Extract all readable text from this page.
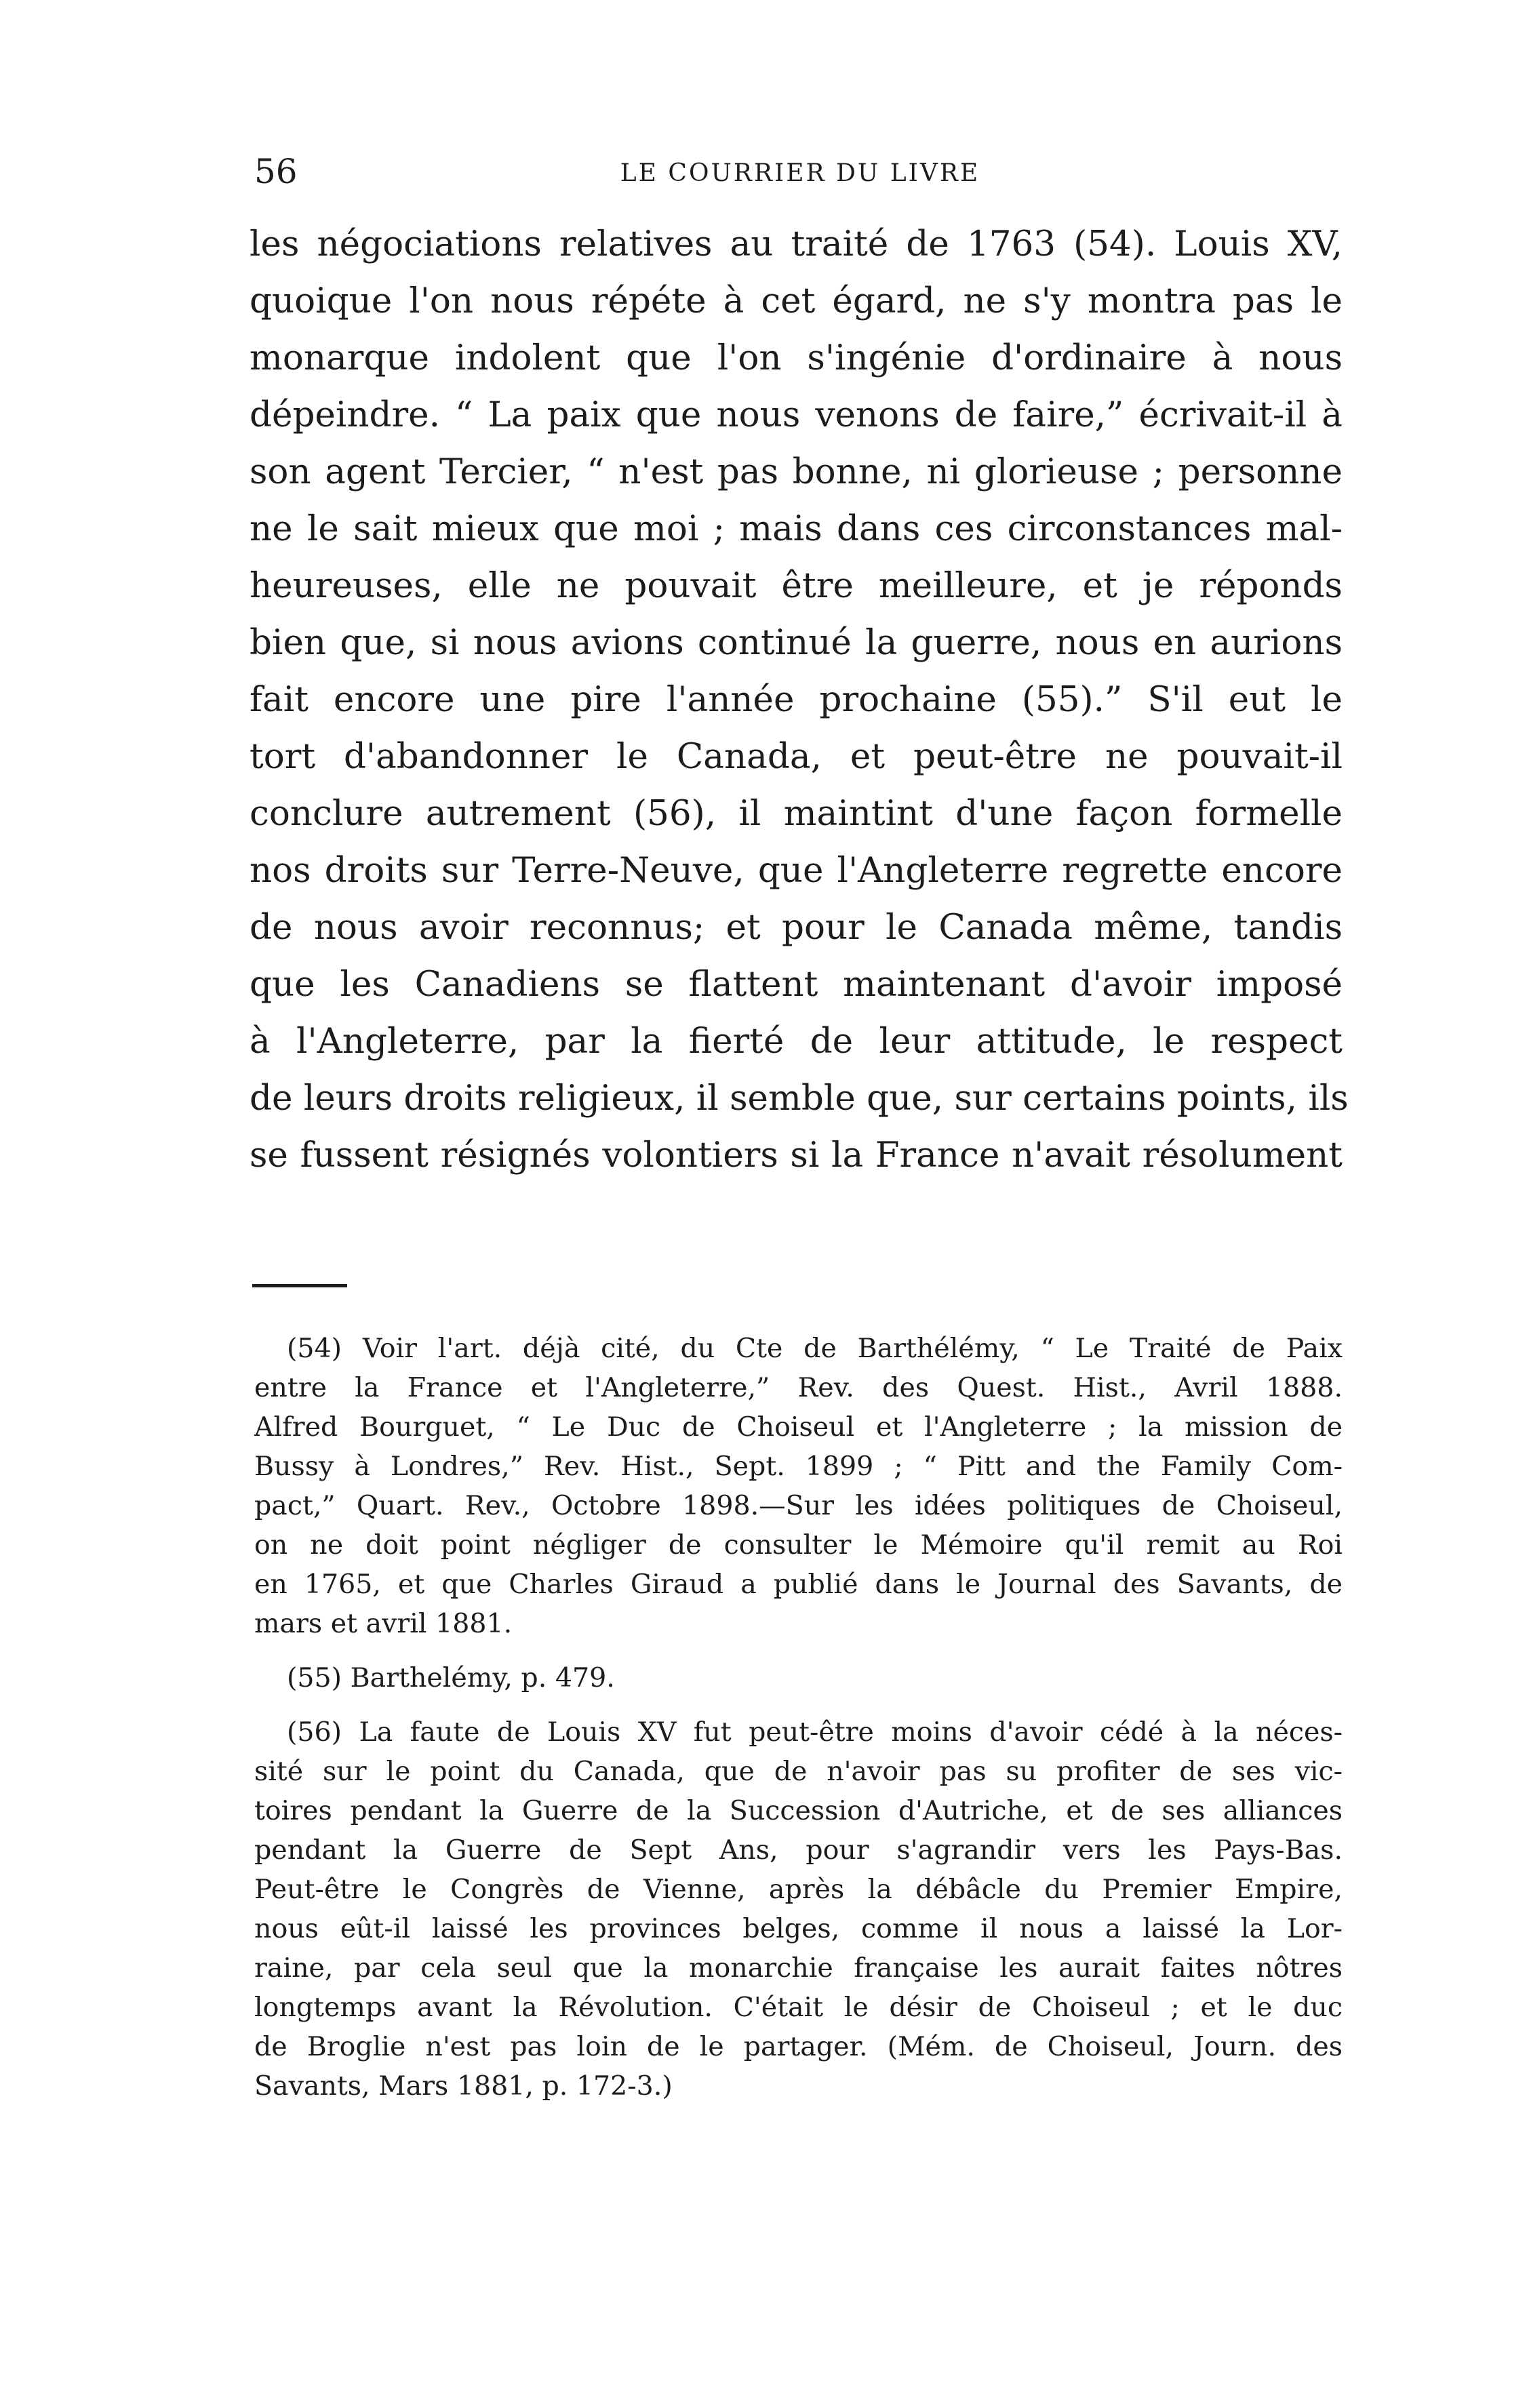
56	LE COURRIER DU LIVRE
les négociations relatives au traité de 1763 (54). Louis XV,
quoique l'on nous répéte à cet égard, ne s'y montra pas le
monarque indolent que l'on s'ingénie d'ordinaire à nous
dépeindre. “ La paix que nous venons de faire,” écrivait-il à
son agent Tercier, “ n'est pas bonne, ni glorieuse ; personne
ne le sait mieux que moi ; mais dans ces circonstances mal-
heureuses, elle ne pouvait être meilleure, et je réponds
bien que, si nous avions continué la guerre, nous en aurions
fait encore une pire l'année prochaine (55).” S'il eut le
tort d'abandonner le Canada, et peut-être ne pouvait-il
conclure autrement (56), il maintint d'une façon formelle
nos droits sur Terre-Neuve, que l'Angleterre regrette encore
de nous avoir reconnus; et pour le Canada même, tandis
que les Canadiens se flattent maintenant d'avoir imposé
à l'Angleterre, par la fierté de leur attitude, le respect
de leurs droits religieux, il semble que, sur certains points, ils
se fussent résignés volontiers si la France n'avait résolument
(54) Voir l'art. déjà cité, du Cte de Barthélémy, “ Le Traité de Paix
entre la France et l'Angleterre,” Rev. des Quest. Hist., Avril 1888.
Alfred Bourguet, “ Le Duc de Choiseul et l'Angleterre ; la mission de
Bussy à Londres,” Rev. Hist., Sept. 1899 ; “ Pitt and the Family Com-
pact,” Quart. Rev., Octobre 1898.—Sur les idées politiques de Choiseul,
on ne doit point négliger de consulter le Mémoire qu'il remit au Roi
en 1765, et que Charles Giraud a publié dans le Journal des Savants, de
mars et avril 1881.
(55) Barthelémy, p. 479.
(56) La faute de Louis XV fut peut-être moins d'avoir cédé à la néces-
sité sur le point du Canada, que de n'avoir pas su profiter de ses vic-
toires pendant la Guerre de la Succession d'Autriche, et de ses alliances
pendant la Guerre de Sept Ans, pour s'agrandir vers les Pays-Bas.
Peut-être le Congrès de Vienne, après la débâcle du Premier Empire,
nous eût-il laissé les provinces belges, comme il nous a laissé la Lor-
raine, par cela seul que la monarchie française les aurait faites nôtres
longtemps avant la Révolution. C'était le désir de Choiseul ; et le duc
de Broglie n'est pas loin de le partager. (Mém. de Choiseul, Journ. des
Savants, Mars 1881, p. 172-3.)
